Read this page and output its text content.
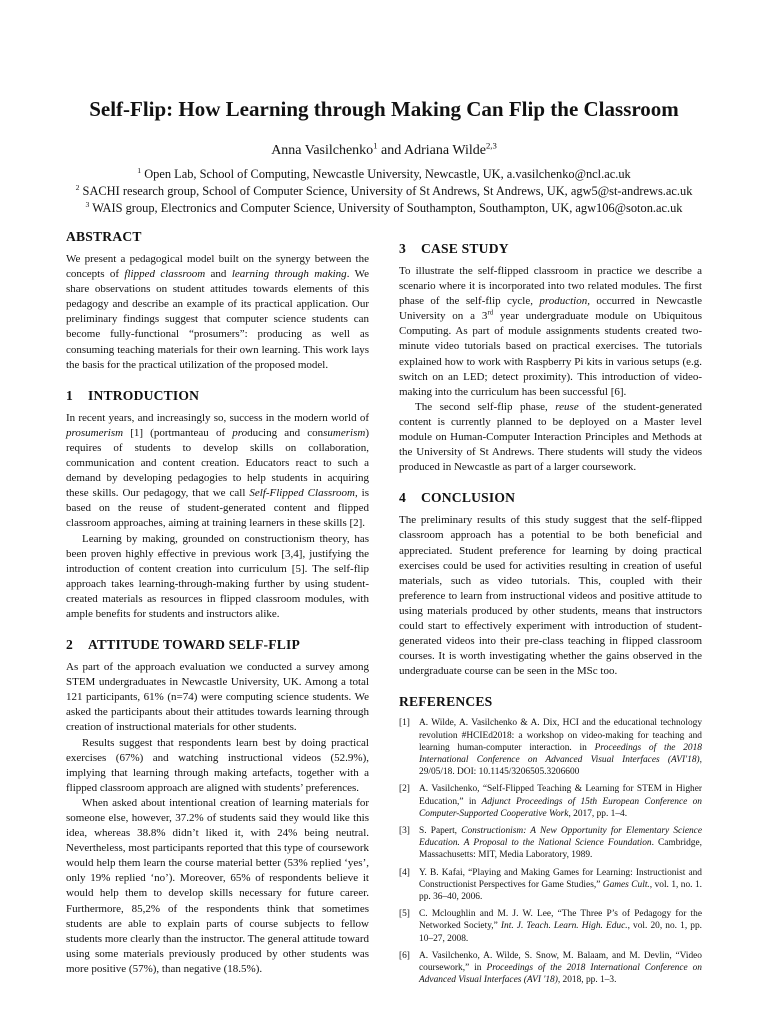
Self-Flip: How Learning through Making Can Flip the Classroom
Anna Vasilchenko$^1$ and Adriana Wilde$^{2,3}$
$^1$ Open Lab, School of Computing, Newcastle University, Newcastle, UK, a.vasilchenko@ncl.ac.uk
$^2$ SACHI research group, School of Computer Science, University of St Andrews, St Andrews, UK, agw5@st-andrews.ac.uk
$^3$ WAIS group, Electronics and Computer Science, University of Southampton, Southampton, UK, agw106@soton.ac.uk
ABSTRACT

We present a pedagogical model built on the synergy between the concepts of flipped classroom and learning through making. We share observations on student attitudes towards elements of this pedagogy and describe an example of its practical application. Our preliminary findings suggest that computer science students can become fully-functional “prosumers”: producing as well as consuming teaching materials for their own learning. This work lays the basis for the practical utilization of the proposed model.

1 INTRODUCTION

In recent years, and increasingly so, success in the modern world of prosumerism [1] (portmanteau of producing and consumerism) requires of students to develop skills on collaboration, communication and content creation. Educators react to such a demand by developing pedagogies to help students in acquiring these skills. Our pedagogy, that we call Self-Flipped Classroom, is based on the reuse of student-generated content and flipped classroom approaches, aiming at training learners in these skills [2].

Learning by making, grounded on constructionism theory, has been proven highly effective in previous work [3,4], justifying the introduction of content creation into curriculum [5]. The self-flip approach takes learning-through-making further by using student-created materials as resources in flipped classroom modules, with ample benefits for students and instructors alike.

2 ATTITUDE TOWARD SELF-FLIP

As part of the approach evaluation we conducted a survey among STEM undergraduates in Newcastle University, UK. Among a total 121 participants, 61% (n=74) were computing science students. We asked the participants about their attitudes towards learning through creation of instructional materials for other students.

Results suggest that respondents learn best by doing practical exercises (67%) and watching instructional videos (52.9%), implying that learning through making artefacts, together with a flipped classroom approach are aligned with students’ preferences.

When asked about intentional creation of learning materials for someone else, however, 37.2% of students said they would like this idea, whereas 38.8% didn’t liked it, with 24% being neutral. Nevertheless, most participants reported that this type of coursework would help them learn the course material better (53% replied ‘yes’, only 19% replied ‘no’). Moreover, 65% of respondents believe it would help them to develop skills necessary for future career. Furthermore, 85,2% of the respondents think that sometimes students are able to explain parts of course subjects to fellow students more clearly than the instructor. The general attitude toward using some materials previously produced by other students was more positive (57%), than negative (18.5%).

3 CASE STUDY

To illustrate the self-flipped classroom in practice we describe a scenario where it is incorporated into two related modules. The first phase of the self-flip cycle, production, occurred in Newcastle University on a 3rd year undergraduate module on Ubiquitous Computing. As part of module assignments students created two-minute video tutorials based on practical exercises. The tutorials explained how to work with Raspberry Pi kits in various setups (e.g. switch on an LED; detect proximity). This introduction of video-making into the curriculum has been successful [6].

The second self-flip phase, reuse of the student-generated content is currently planned to be deployed on a Master level module on Human-Computer Interaction Principles and Methods at the University of St Andrews. There students will study the videos produced in Newcastle as part of a larger coursework.

4 CONCLUSION

The preliminary results of this study suggest that the self-flipped classroom approach has a potential to be both beneficial and appreciated. Student preference for learning by doing practical exercises could be used for activities resulting in creation of useful materials, such as video tutorials. This, coupled with their preference to learn from instructional videos and positive attitude to using materials produced by other students, means that instructors could start to effectively experiment with introduction of student-generated videos into their pre-class teaching in flipped classroom courses. It is worth investigating whether the gains observed in the undergraduate course can be seen in the MSc too.

REFERENCES
[1] A. Wilde, A. Vasilchenko & A. Dix, HCI and the educational technology revolution #HCIEd2018: a workshop on video-making for teaching and learning human-computer interaction. in Proceedings of the 2018 International Conference on Advanced Visual Interfaces (AVI'18), 29/05/18. DOI: 10.1145/3206505.3206600
[2] A. Vasilchenko, “Self-Flipped Teaching & Learning for STEM in Higher Education,” in Adjunct Proceedings of 15th European Conference on Computer-Supported Cooperative Work, 2017, pp. 1–4.
[3] S. Papert, Constructionism: A New Opportunity for Elementary Science Education. A Proposal to the National Science Foundation. Cambridge, Massachusetts: MIT, Media Laboratory, 1989.
[4] Y. B. Kafai, “Playing and Making Games for Learning: Instructionist and Constructionist Perspectives for Game Studies,” Games Cult., vol. 1, no. 1. pp. 36–40, 2006.
[5] C. Mcloughlin and M. J. W. Lee, “The Three P’s of Pedagogy for the Networked Society,” Int. J. Teach. Learn. High. Educ., vol. 20, no. 1, pp. 10–27, 2008.
[6] A. Vasilchenko, A. Wilde, S. Snow, M. Balaam, and M. Devlin, “Video coursework,” in Proceedings of the 2018 International Conference on Advanced Visual Interfaces (AVI '18), 2018, pp. 1–3.
